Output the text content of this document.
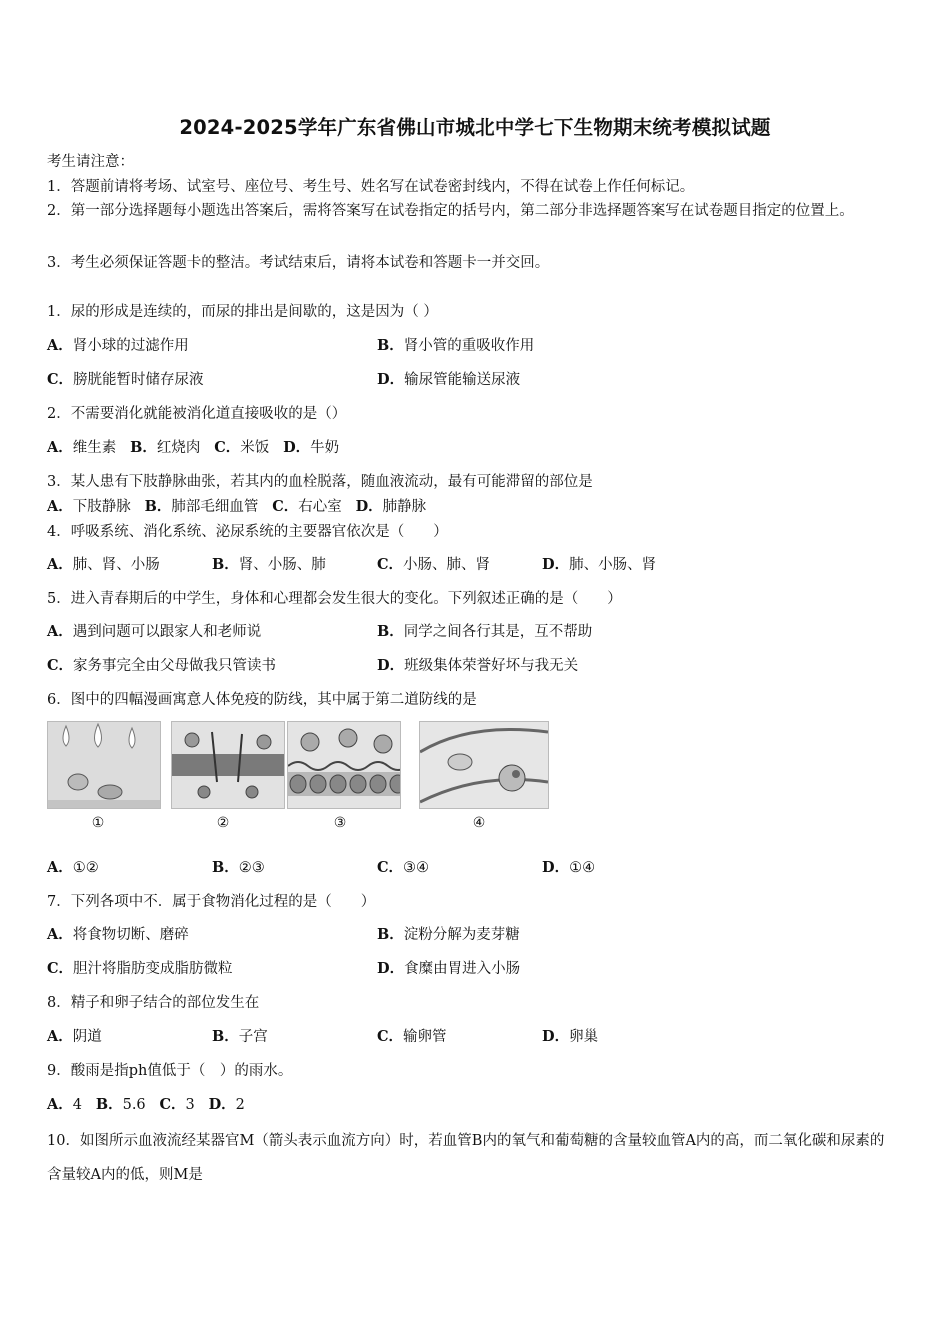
2024-2025学年广东省佛山市城北中学七下生物期末统考模拟试题
考生请注意：
1．答题前请将考场、试室号、座位号、考生号、姓名写在试卷密封线内，不得在试卷上作任何标记。
2．第一部分选择题每小题选出答案后，需将答案写在试卷指定的括号内，第二部分非选择题答案写在试卷题目指定的位置上。
3．考生必须保证答题卡的整洁。考试结束后，请将本试卷和答题卡一并交回。
1．尿的形成是连续的，而尿的排出是间歇的，这是因为（ ）
A．肾小球的过滤作用	B．肾小管的重吸收作用
C．膀胱能暂时储存尿液	D．输尿管能输送尿液
2．不需要消化就能被消化道直接吸收的是（）
A．维生素 B．红烧肉 C．米饭 D．牛奶
3．某人患有下肢静脉曲张，若其内的血栓脱落，随血液流动，最有可能滞留的部位是
A．下肢静脉 B．肺部毛细血管 C．右心室 D．肺静脉
4．呼吸系统、消化系统、泌尿系统的主要器官依次是（　　）
A．肺、肾、小肠	B．肾、小肠、肺	C．小肠、肺、肾	D．肺、小肠、肾
5．进入青春期后的中学生，身体和心理都会发生很大的变化。下列叙述正确的是（　　）
A．遇到问题可以跟家人和老师说	B．同学之间各行其是，互不帮助
C．家务事完全由父母做我只管读书	D．班级集体荣誉好坏与我无关
6．图中的四幅漫画寓意人体免疫的防线，其中属于第二道防线的是
①	②	③	④
A．①②	B．②③	C．③④	D．①④
7．下列各项中不．属于食物消化过程的是（　　）
A．将食物切断、磨碎	B．淀粉分解为麦芽糖
C．胆汁将脂肪变成脂肪微粒	D．食糜由胃进入小肠
8．精子和卵子结合的部位发生在
A．阴道	B．子宫	C．输卵管	D．卵巢
9．酸雨是指ph值低于（　）的雨水。
A．4 B．5.6 C．3 D．2
10．如图所示血液流经某器官M（箭头表示血流方向）时，若血管B内的氧气和葡萄糖的含量较血管A内的高，而二氧化碳和尿素的含量较A内的低，则M是
